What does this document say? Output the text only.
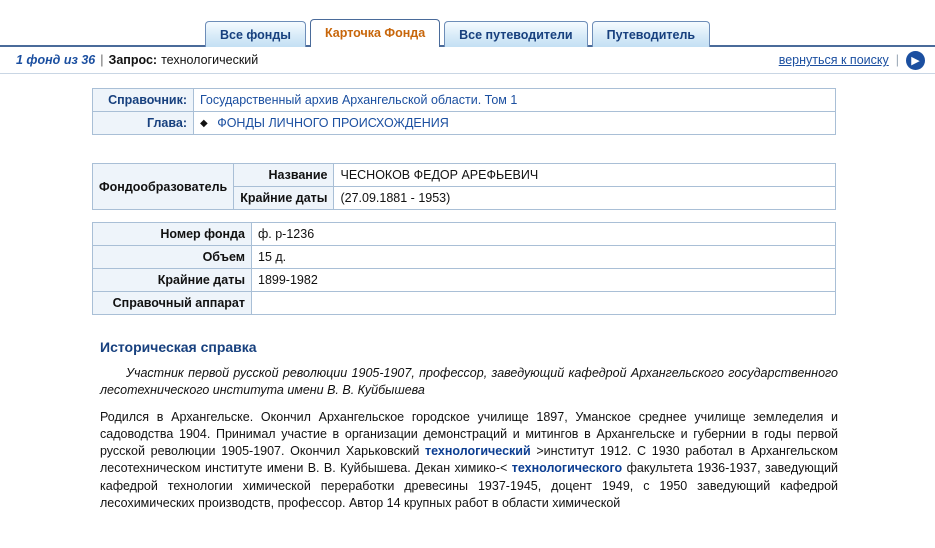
Все фонды	Карточка Фонда	Все путеводители	Путеводитель
1 фонд из 36 | Запрос: технологический	вернуться к поиску |	▶
Справочник:	Государственный архив Архангельской области. Том 1
Глава:	◆ ФОНДЫ ЛИЧНОГО ПРОИСХОЖДЕНИЯ
Фондообразователь	Название	ЧЕСНОКОВ ФЕДОР АРЕФЬЕВИЧ
	Крайние даты	(27.09.1881 - 1953)
Номер фонда	ф. р-1236
Объем	15 д.
Крайние даты	1899-1982
Справочный аппарат	
Историческая справка
Участник первой русской революции 1905-1907, профессор, заведующий кафедрой Архангельского государственного лесотехнического института имени В. В. Куйбышева
Родился в Архангельске. Окончил Архангельское городское училище 1897, Уманское среднее училище земледелия и садоводства 1904. Принимал участие в организации демонстраций и митингов в Архангельске и губернии в годы первой русской революции 1905-1907. Окончил Харьковский технологический >институт 1912. С 1930 работал в Архангельском лесотехническом институте имени В. В. Куйбышева. Декан химико-< технологического факультета 1936-1937, заведующий кафедрой технологии химической переработки древесины 1937-1945, доцент 1949, с 1950 заведующий кафедрой лесохимических производств, профессор. Автор 14 крупных работ в области химической
